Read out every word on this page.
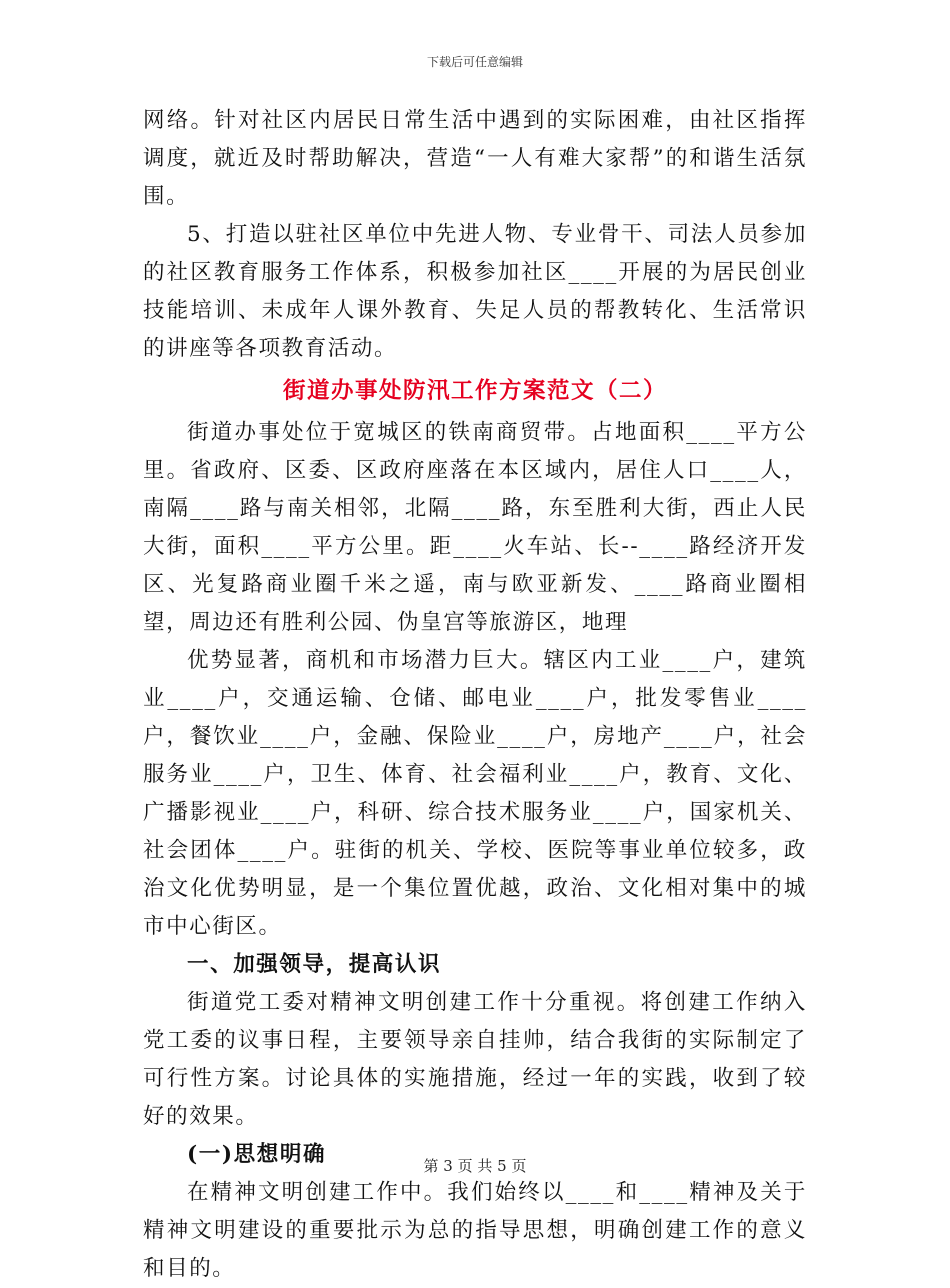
下载后可任意编辑

网络。针对社区内居民日常生活中遇到的实际困难，由社区指挥调度，就近及时帮助解决，营造“一人有难大家帮”的和谐生活氛围。

5、打造以驻社区单位中先进人物、专业骨干、司法人员参加的社区教育服务工作体系，积极参加社区____开展的为居民创业技能培训、未成年人课外教育、失足人员的帮教转化、生活常识的讲座等各项教育活动。

街道办事处防汛工作方案范文（二）

街道办事处位于宽城区的铁南商贸带。占地面积____平方公里。省政府、区委、区政府座落在本区域内，居住人口____人，南隔____路与南关相邻，北隔____路，东至胜利大街，西止人民大街，面积____平方公里。距____火车站、长--____路经济开发区、光复路商业圈千米之遥，南与欧亚新发、____路商业圈相望，周边还有胜利公园、伪皇宫等旅游区，地理

优势显著，商机和市场潜力巨大。辖区内工业____户，建筑业____户，交通运输、仓储、邮电业____户，批发零售业____户，餐饮业____户，金融、保险业____户，房地产____户，社会服务业____户，卫生、体育、社会福利业____户，教育、文化、广播影视业____户，科研、综合技术服务业____户，国家机关、社会团体____户。驻街的机关、学校、医院等事业单位较多，政治文化优势明显，是一个集位置优越，政治、文化相对集中的城市中心街区。

一、加强领导，提高认识

街道党工委对精神文明创建工作十分重视。将创建工作纳入党工委的议事日程，主要领导亲自挂帅，结合我街的实际制定了可行性方案。讨论具体的实施措施，经过一年的实践，收到了较好的效果。

(一)思想明确

在精神文明创建工作中。我们始终以____和____精神及关于精神文明建设的重要批示为总的指导思想，明确创建工作的意义和目的。

第 3 页 共 5 页
